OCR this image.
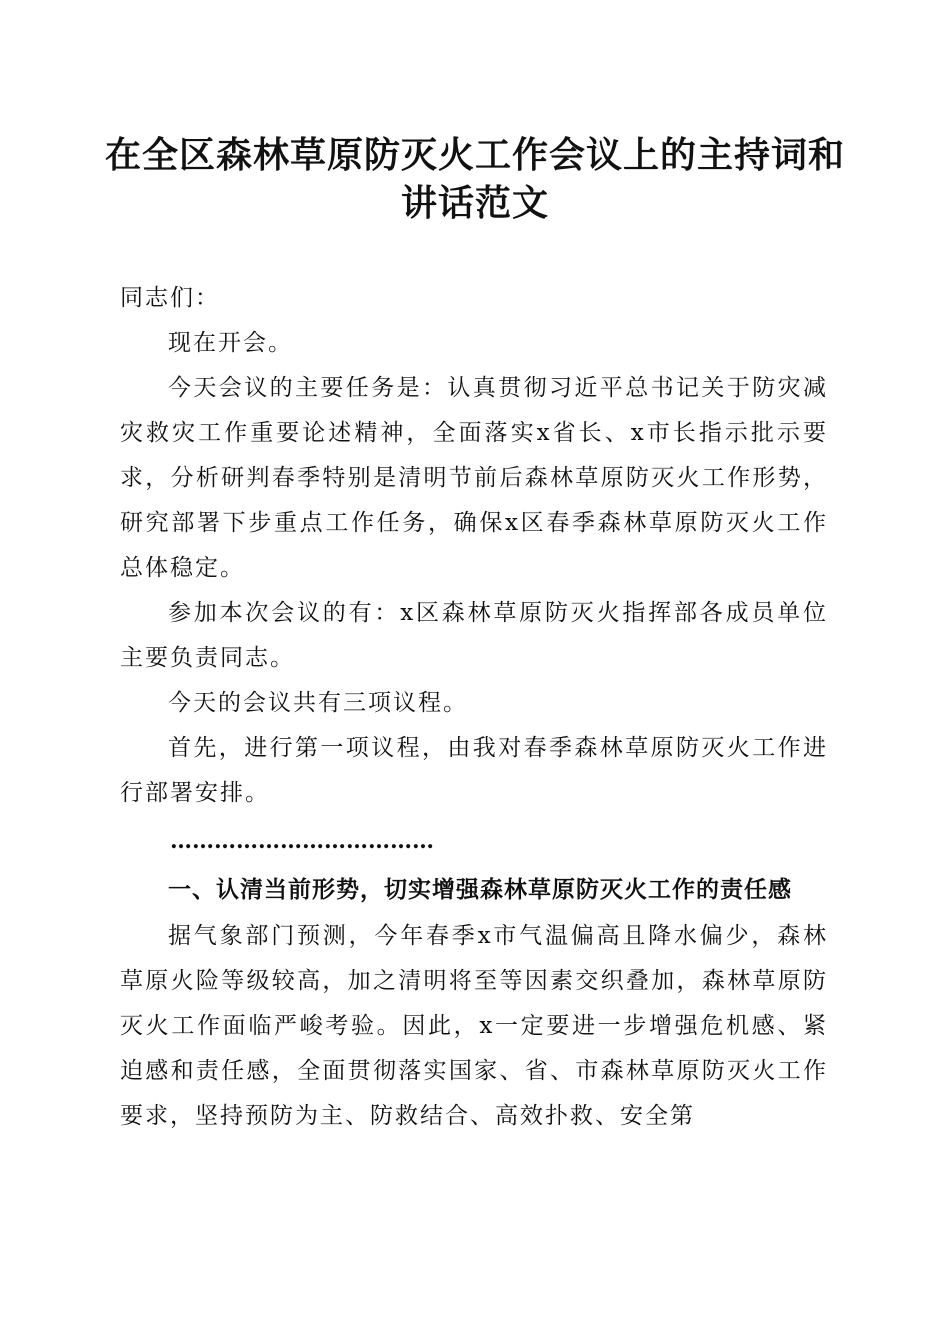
在全区森林草原防灭火工作会议上的主持词和讲话范文

同志们：

现在开会。

今天会议的主要任务是：认真贯彻习近平总书记关于防灾减灾救灾工作重要论述精神，全面落实x省长、x市长指示批示要求，分析研判春季特别是清明节前后森林草原防灭火工作形势，研究部署下步重点工作任务，确保x区春季森林草原防灭火工作总体稳定。

参加本次会议的有：x区森林草原防灭火指挥部各成员单位主要负责同志。

今天的会议共有三项议程。

首先，进行第一项议程，由我对春季森林草原防灭火工作进行部署安排。

………………………………

一、认清当前形势，切实增强森林草原防灭火工作的责任感

据气象部门预测，今年春季x市气温偏高且降水偏少，森林草原火险等级较高，加之清明将至等因素交织叠加，森林草原防灭火工作面临严峻考验。因此，x一定要进一步增强危机感、紧迫感和责任感，全面贯彻落实国家、省、市森林草原防灭火工作要求，坚持预防为主、防救结合、高效扑救、安全第
